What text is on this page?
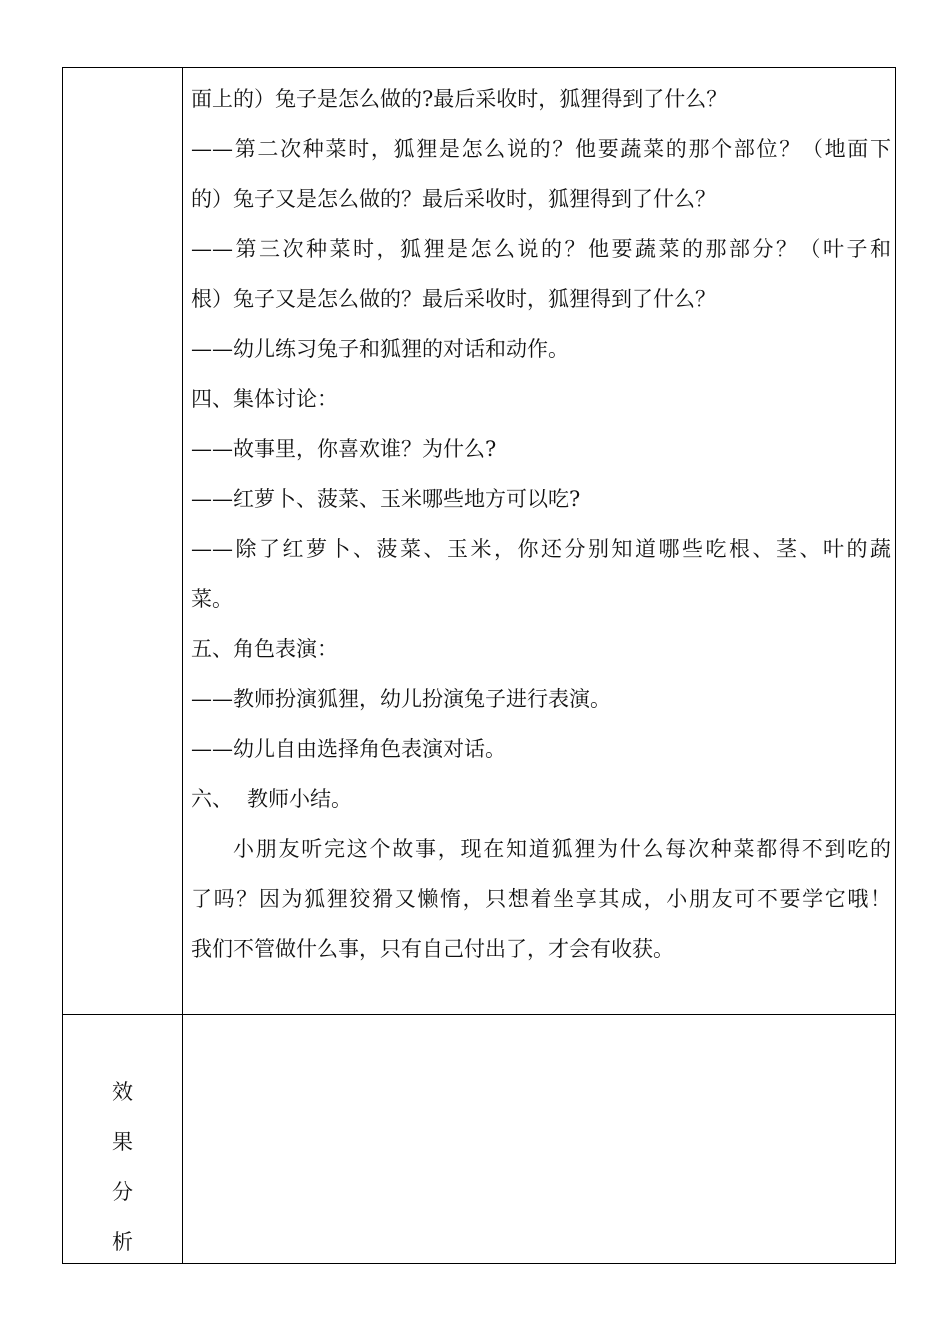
面上的）兔子是怎么做的?最后采收时，狐狸得到了什么？
——第二次种菜时，狐狸是怎么说的？他要蔬菜的那个部位？（地面下
的）兔子又是怎么做的？最后采收时，狐狸得到了什么？
——第三次种菜时，狐狸是怎么说的？他要蔬菜的那部分？（叶子和
根）兔子又是怎么做的？最后采收时，狐狸得到了什么？
——幼儿练习兔子和狐狸的对话和动作。
四、集体讨论：
——故事里，你喜欢谁？为什么?
——红萝卜、菠菜、玉米哪些地方可以吃?
——除了红萝卜、菠菜、玉米，你还分别知道哪些吃根、茎、叶的蔬
菜。
五、角色表演：
——教师扮演狐狸，幼儿扮演兔子进行表演。
——幼儿自由选择角色表演对话。
六、 教师小结。
小朋友听完这个故事，现在知道狐狸为什么每次种菜都得不到吃的
了吗？因为狐狸狡猾又懒惰，只想着坐享其成，小朋友可不要学它哦！
我们不管做什么事，只有自己付出了，才会有收获。
效
果
分
析
